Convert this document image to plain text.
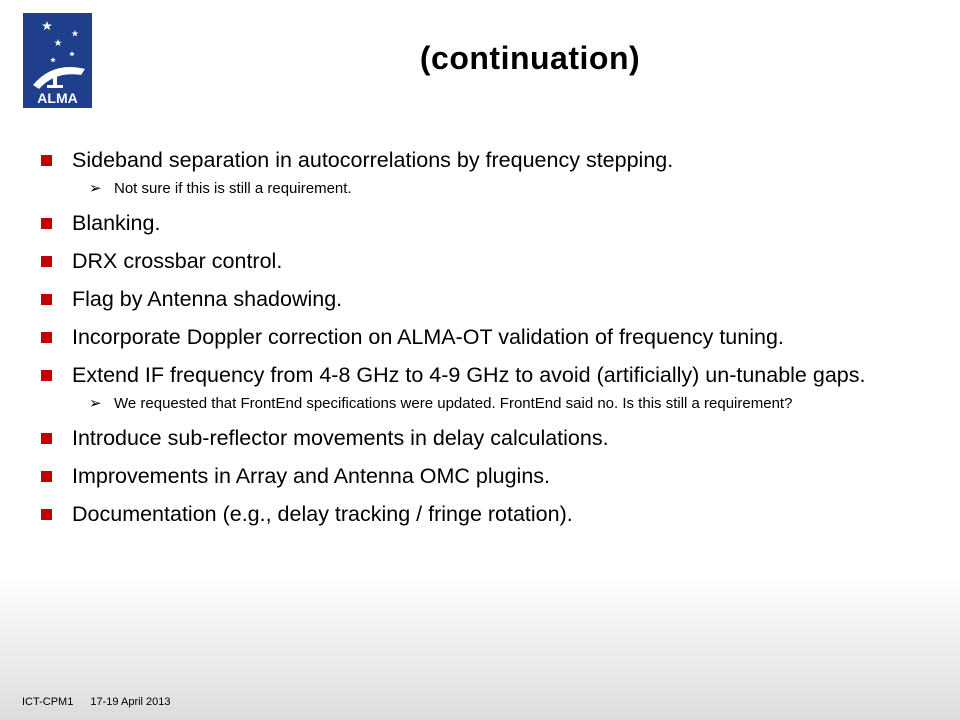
ALMA
(continuation)
Sideband separation in autocorrelations by frequency stepping.
➢ Not sure if this is still a requirement.
Blanking.
DRX crossbar control.
Flag by Antenna shadowing.
Incorporate Doppler correction on ALMA-OT validation of frequency tuning.
Extend IF frequency from 4-8 GHz to 4-9 GHz to avoid (artificially) un-tunable gaps.
➢ We requested that FrontEnd specifications were updated. FrontEnd said no. Is this still a requirement?
Introduce sub-reflector movements in delay calculations.
Improvements in Array and Antenna OMC plugins.
Documentation (e.g., delay tracking / fringe rotation).
ICT-CPM1 17-19 April 2013
